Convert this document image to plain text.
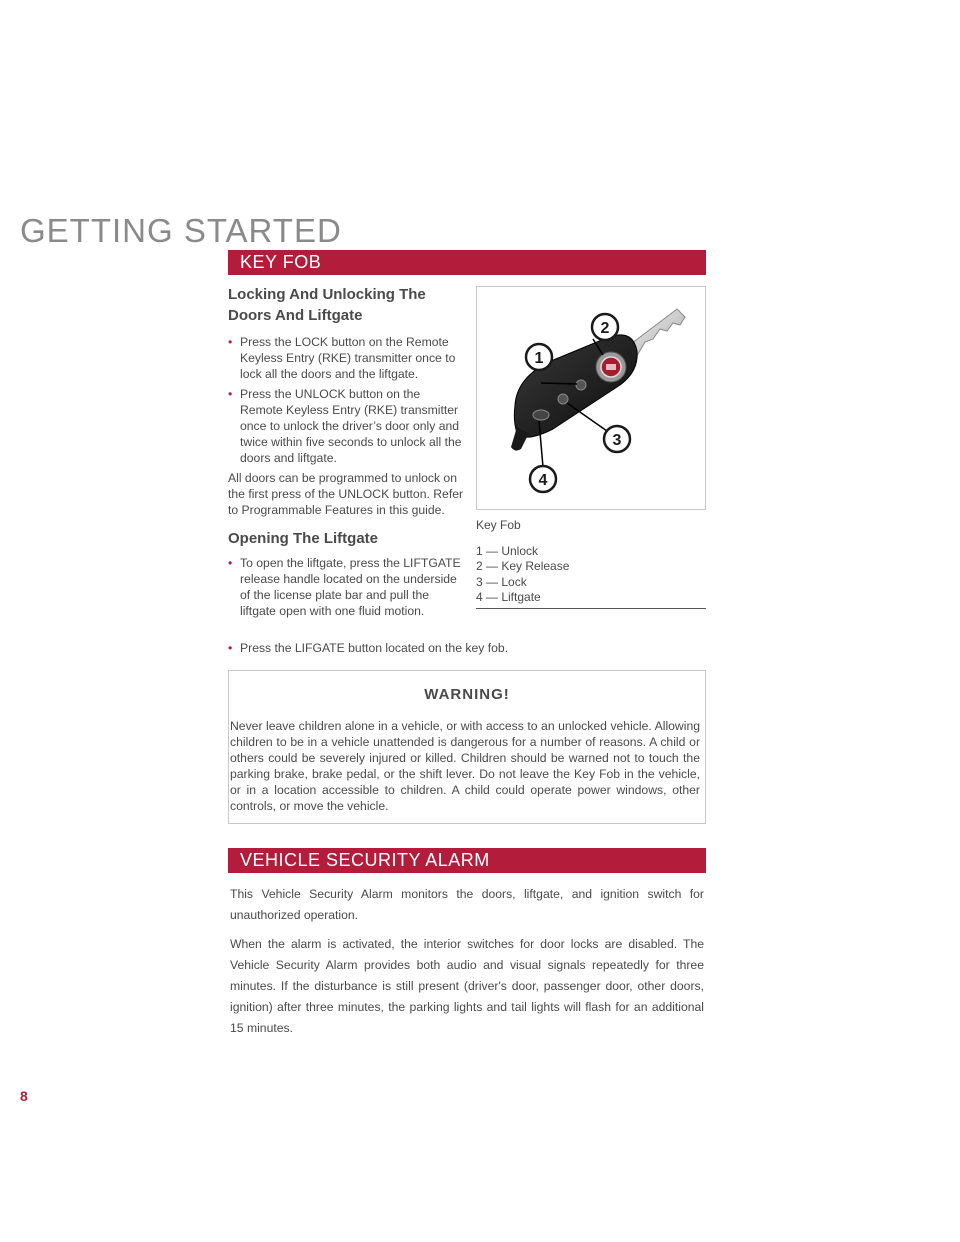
GETTING STARTED
KEY FOB
Locking And Unlocking The Doors And Liftgate
• Press the LOCK button on the Remote Keyless Entry (RKE) transmitter once to lock all the doors and the liftgate.
• Press the UNLOCK button on the Remote Keyless Entry (RKE) transmitter once to unlock the driver’s door only and twice within five seconds to unlock all the doors and liftgate.

All doors can be programmed to unlock on the first press of the UNLOCK button. Refer to Programmable Features in this guide.

Opening The Liftgate
• To open the liftgate, press the LIFTGATE release handle located on the underside of the license plate bar and pull the liftgate open with one fluid motion.
• Press the LIFGATE button located on the key fob.
1
2
3
4
Key Fob
1 — Unlock
2 — Key Release
3 — Lock
4 — Liftgate
WARNING!
Never leave children alone in a vehicle, or with access to an unlocked vehicle. Allowing children to be in a vehicle unattended is dangerous for a number of reasons. A child or others could be severely injured or killed. Children should be warned not to touch the parking brake, brake pedal, or the shift lever. Do not leave the Key Fob in the vehicle, or in a location accessible to children. A child could operate power windows, other controls, or move the vehicle.
VEHICLE SECURITY ALARM

This Vehicle Security Alarm monitors the doors, liftgate, and ignition switch for unauthorized operation.

When the alarm is activated, the interior switches for door locks are disabled. The Vehicle Security Alarm provides both audio and visual signals repeatedly for three minutes. If the disturbance is still present (driver's door, passenger door, other doors, ignition) after three minutes, the parking lights and tail lights will flash for an additional 15 minutes.

8
